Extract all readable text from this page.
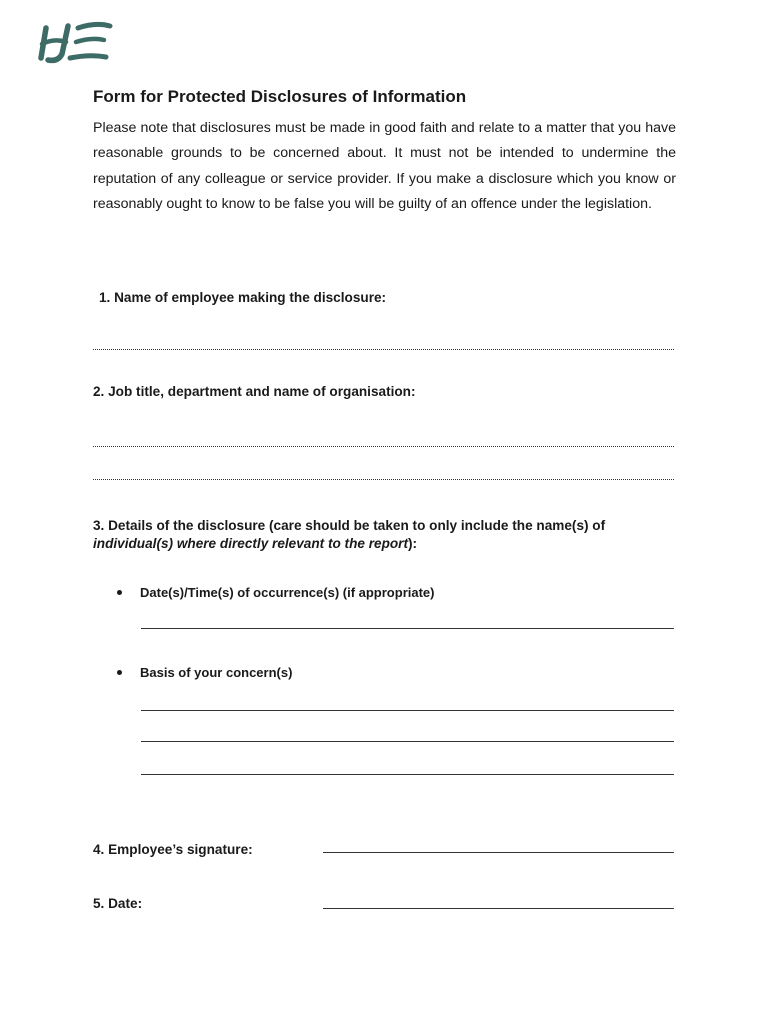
Form for Protected Disclosures of Information

Please note that disclosures must be made in good faith and relate to a matter that you have reasonable grounds to be concerned about. It must not be intended to undermine the reputation of any colleague or service provider. If you make a disclosure which you know or reasonably ought to know to be false you will be guilty of an offence under the legislation.

1. Name of employee making the disclosure:

2. Job title, department and name of organisation:

3. Details of the disclosure (care should be taken to only include the name(s) of individual(s) where directly relevant to the report):

Date(s)/Time(s) of occurrence(s) (if appropriate)

Basis of your concern(s)

4. Employee’s signature:

5. Date:
